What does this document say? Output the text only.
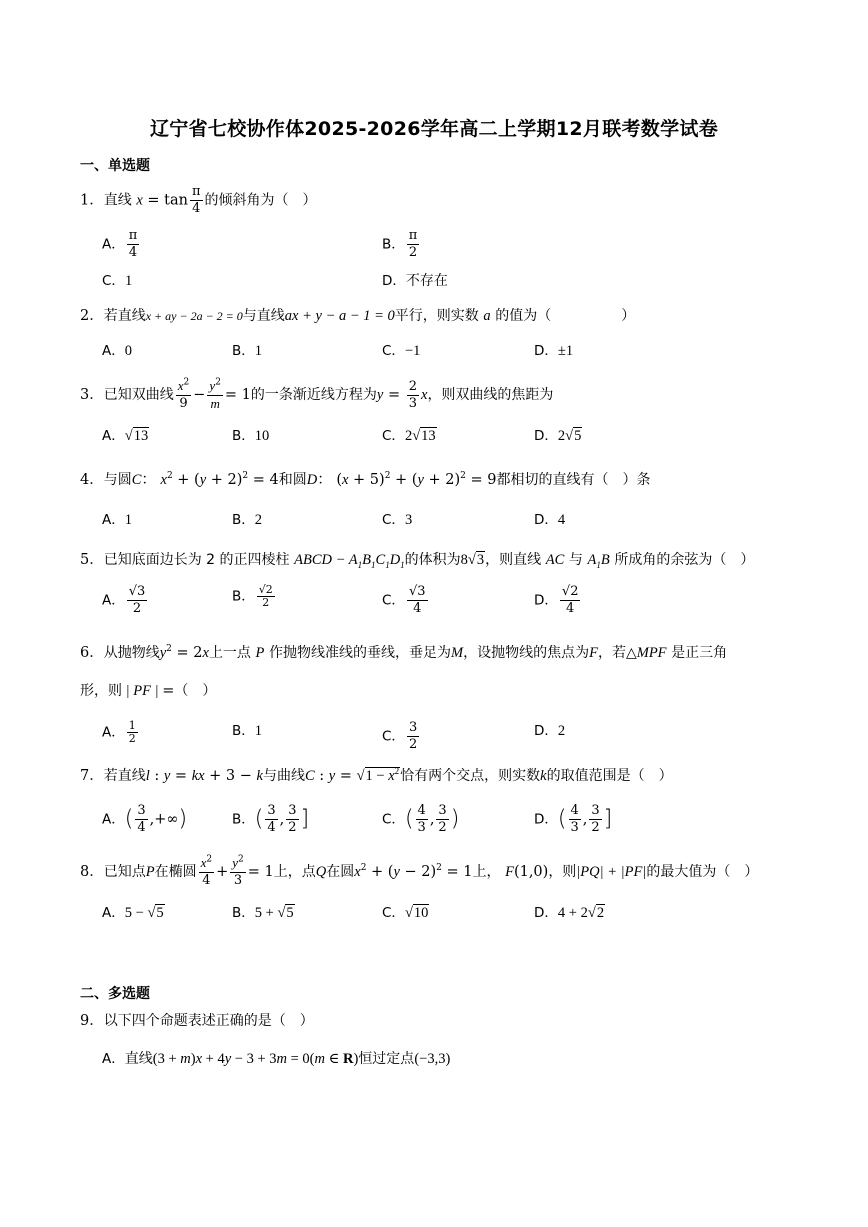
辽宁省七校协作体2025-2026学年高二上学期12月联考数学试卷
一、单选题
1．直线 $x = \tan \frac{\pi}{4}$ 的倾斜角为（　）
A． $\frac{\pi}{4}$	B． $\frac{\pi}{2}$
C．1	D．不存在
2．若直线x + ay − 2a − 2 = 0与直线ax + y − a − 1 = 0平行，则实数 a 的值为（　　　　　）
A．0	B．1	C．−1	D．±1
3．已知双曲线 $\frac{x^2}{9} - \frac{y^2}{m} = 1$的一条渐近线方程为$y = \frac{2}{3}$ x，则双曲线的焦距为
A．√13	B．10	C．2√13	D．2√5
4．与圆C： $x^2 + (y + 2)^2 = 4$和圆D： $(x + 5)^2 + (y + 2)^2 = 9$都相切的直线有（　）条
A．1	B．2	C．3	D．4
5．已知底面边长为 2 的正四棱柱 ABCD − $A_1B_1C_1D_1$的体积为8√3，则直线 AC 与 $A_1B$ 所成角的余弦为（　）
A． $\frac{√3}{2}$	B． $\frac{√2}{2}$	C． $\frac{√3}{4}$	D． $\frac{√2}{4}$
6．从抛物线$y^2 = 2x$上一点 P 作抛物线准线的垂线，垂足为M，设抛物线的焦点为F，若△MPF 是正三角
形，则 | PF | =（　）
A． $\frac{1}{2}$	B．1	C． $\frac{3}{2}$	D．2
7．若直线l : y = kx + 3 − k与曲线C : $y = √1 - x^2$恰有两个交点，则实数k的取值范围是（　）
A．( $\frac{3}{4}$ ,+∞)	B．( $\frac{3}{4}$ , $\frac{3}{2}$ ]	C．( $\frac{4}{3}$ , $\frac{3}{2}$ )	D．( $\frac{4}{3}$ , $\frac{3}{2}$ ]
8．已知点P在椭圆 $\frac{x^2}{4} + \frac{y^2}{3} = 1$上，点Q在圆$x^2 + (y - 2)^2 = 1$上， F(1,0)，则|PQ| + |PF|的最大值为（　）
A．5 − √5	B．5 + √5	C．√10	D．4 + 2√2
二、多选题
9．以下四个命题表述正确的是（　）
A．直线(3 + m)x + 4y − 3 + 3m = 0(m ∈ R)恒过定点(−3,3)
